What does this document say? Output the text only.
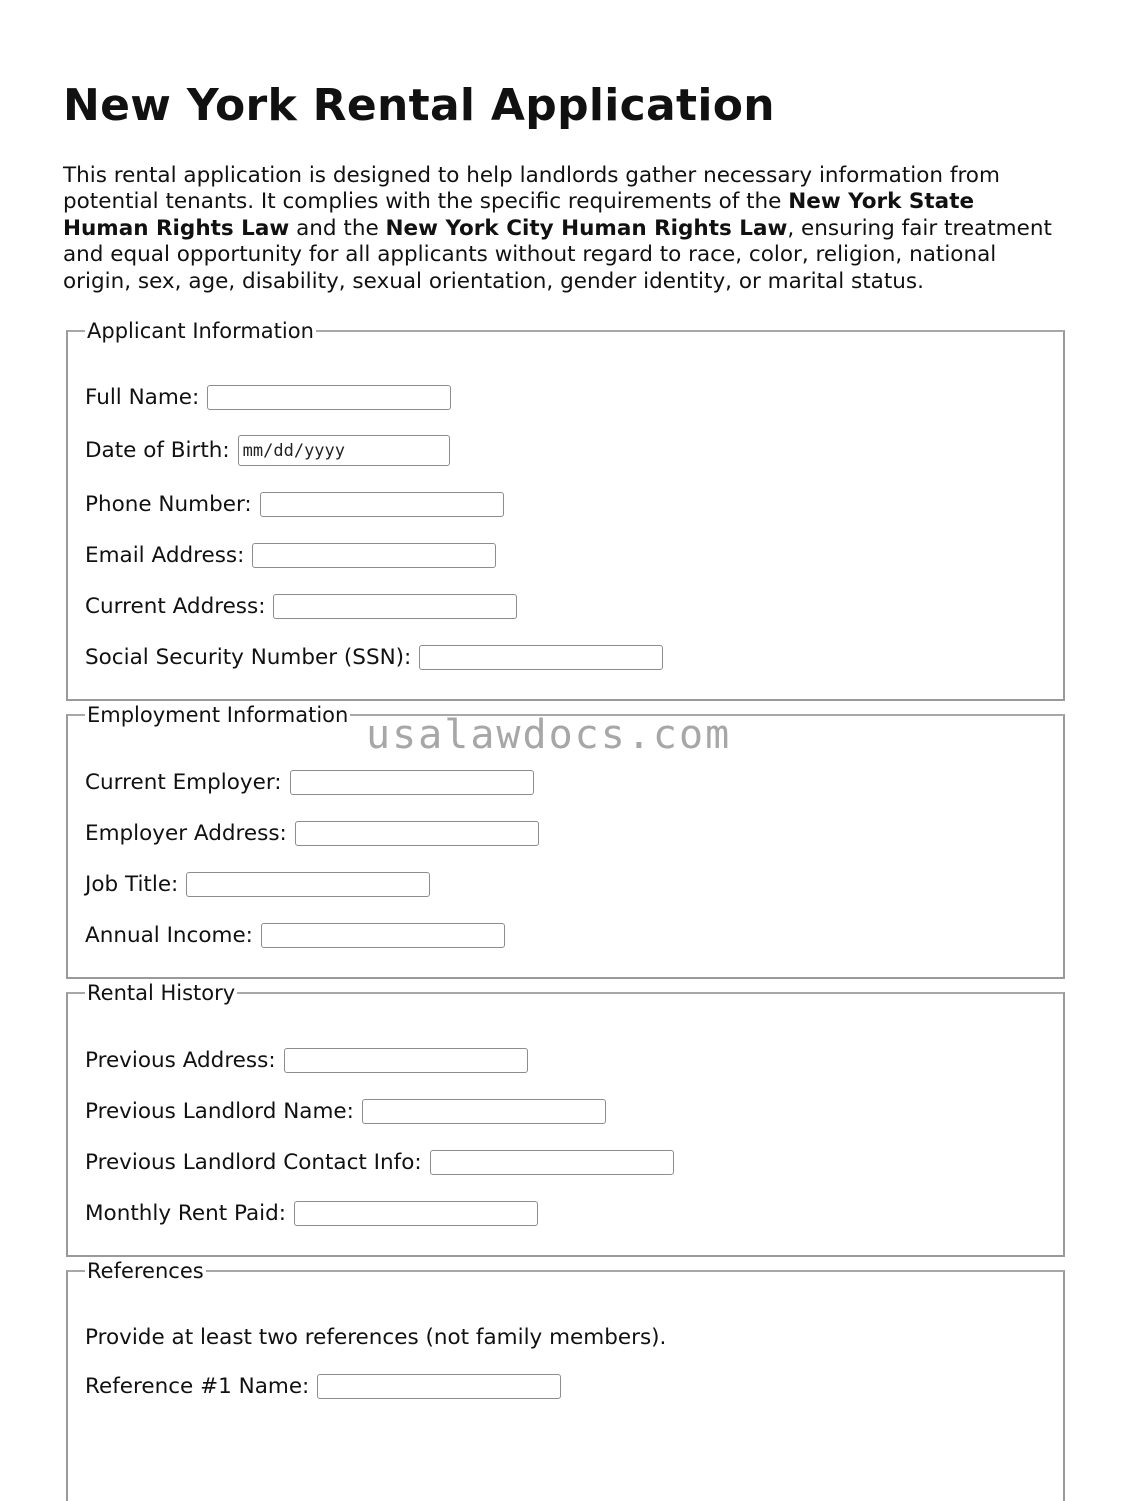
New York Rental Application

This rental application is designed to help landlords gather necessary information from potential tenants. It complies with the specific requirements of the New York State Human Rights Law and the New York City Human Rights Law, ensuring fair treatment and equal opportunity for all applicants without regard to race, color, religion, national origin, sex, age, disability, sexual orientation, gender identity, or marital status.

Applicant Information
Full Name:
Date of Birth:
mm/dd/yyyy
Phone Number:
Email Address:
Current Address:
Social Security Number (SSN):
Employment Information
Current Employer:
Employer Address:
Job Title:
Annual Income:
usalawdocs.com
Rental History
Previous Address:
Previous Landlord Name:
Previous Landlord Contact Info:
Monthly Rent Paid:
References
Provide at least two references (not family members).
Reference #1 Name:
